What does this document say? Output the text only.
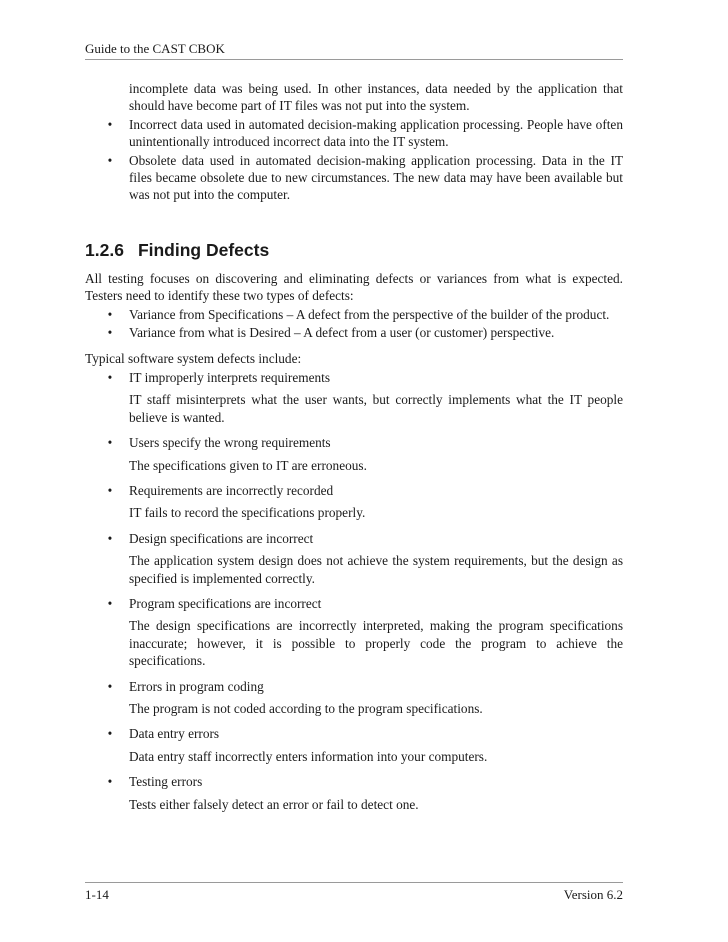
Guide to the CAST CBOK

incomplete data was being used. In other instances, data needed by the application that should have become part of IT files was not put into the system.

• Incorrect data used in automated decision-making application processing. People have often unintentionally introduced incorrect data into the IT system.
• Obsolete data used in automated decision-making application processing. Data in the IT files became obsolete due to new circumstances. The new data may have been available but was not put into the computer.
1.2.6 Finding Defects

All testing focuses on discovering and eliminating defects or variances from what is expected. Testers need to identify these two types of defects:

• Variance from Specifications – A defect from the perspective of the builder of the product.
• Variance from what is Desired – A defect from a user (or customer) perspective.

Typical software system defects include:

• IT improperly interprets requirements

IT staff misinterprets what the user wants, but correctly implements what the IT people believe is wanted.

• Users specify the wrong requirements

The specifications given to IT are erroneous.

• Requirements are incorrectly recorded

IT fails to record the specifications properly.

• Design specifications are incorrect

The application system design does not achieve the system requirements, but the design as specified is implemented correctly.

• Program specifications are incorrect

The design specifications are incorrectly interpreted, making the program specifications inaccurate; however, it is possible to properly code the program to achieve the specifications.

• Errors in program coding

The program is not coded according to the program specifications.

• Data entry errors

Data entry staff incorrectly enters information into your computers.

• Testing errors

Tests either falsely detect an error or fail to detect one.

1-14	Version 6.2
